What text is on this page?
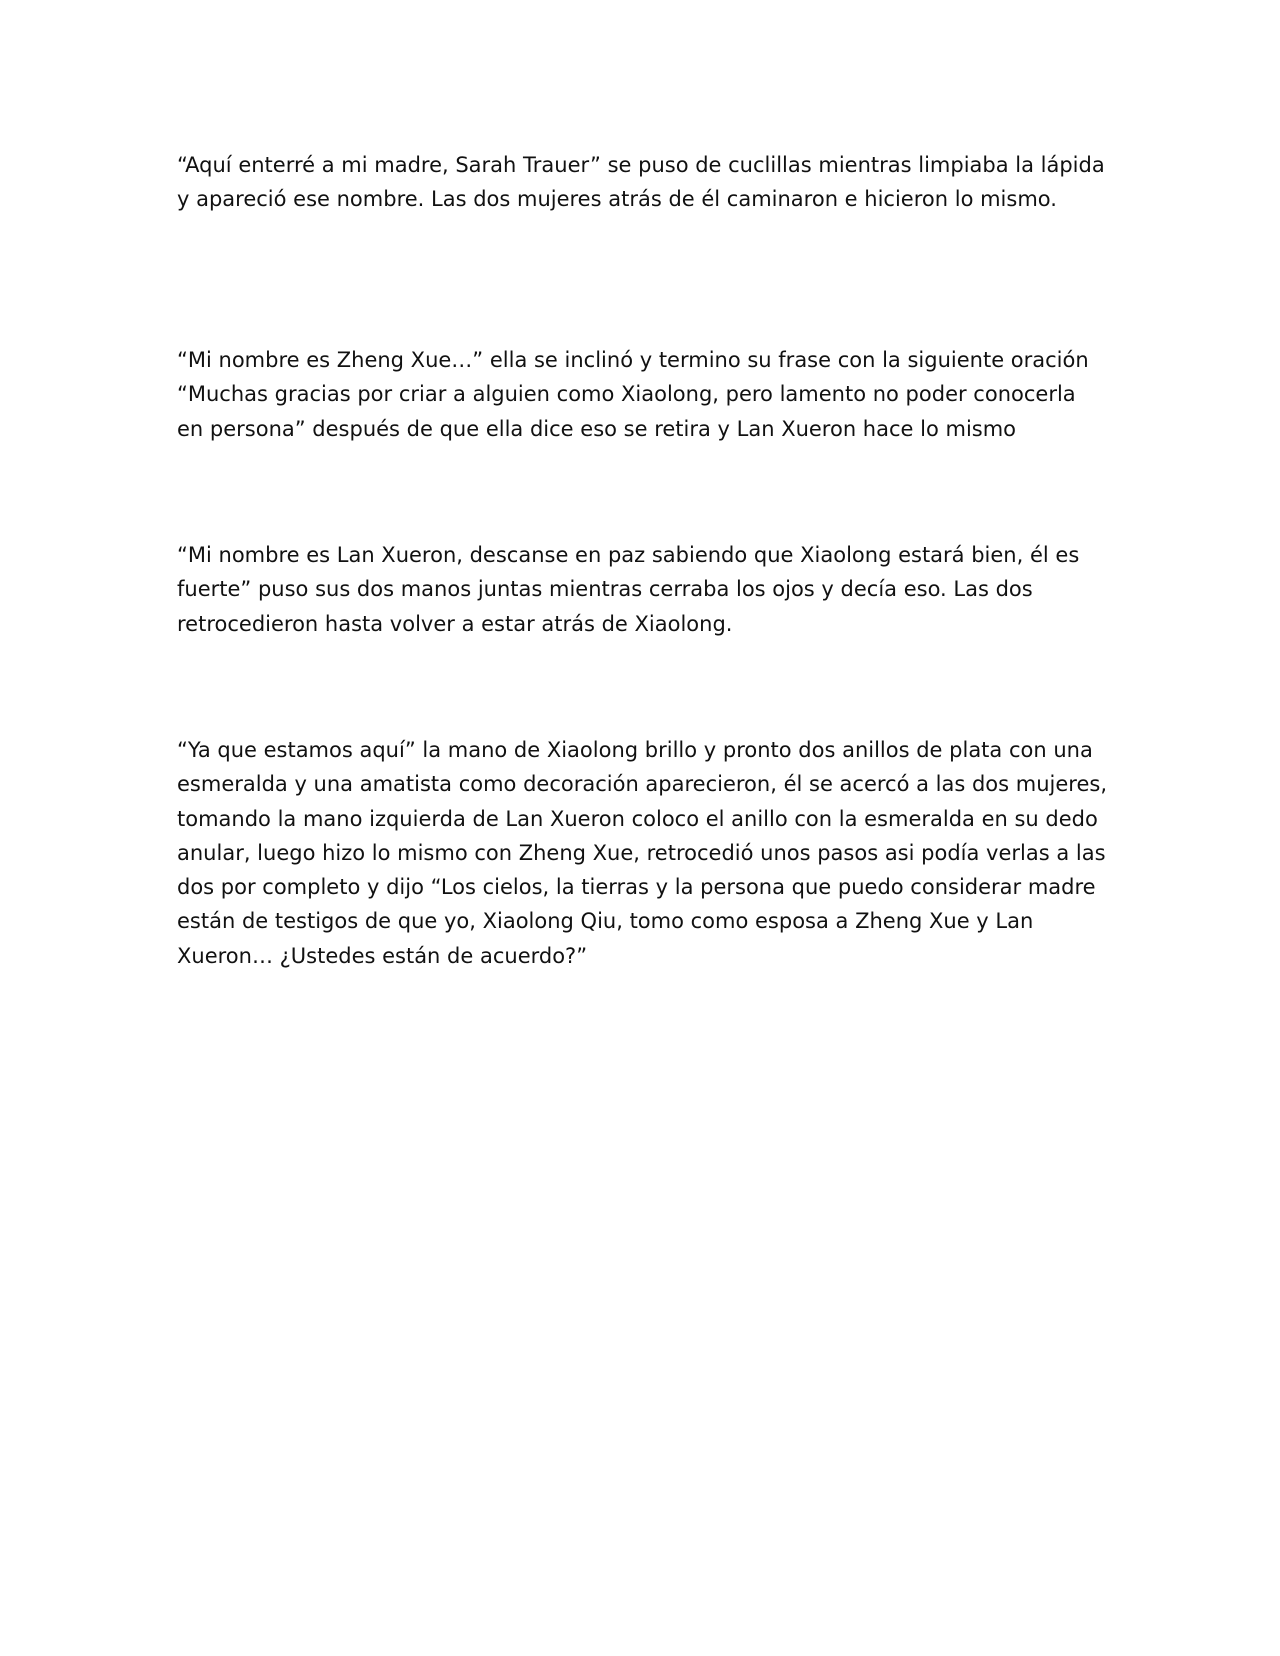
“Aquí enterré a mi madre, Sarah Trauer” se puso de cuclillas mientras limpiaba la lápida y apareció ese nombre. Las dos mujeres atrás de él caminaron e hicieron lo mismo.

“Mi nombre es Zheng Xue…” ella se inclinó y termino su frase con la siguiente oración “Muchas gracias por criar a alguien como Xiaolong, pero lamento no poder conocerla en persona” después de que ella dice eso se retira y Lan Xueron hace lo mismo

“Mi nombre es Lan Xueron, descanse en paz sabiendo que Xiaolong estará bien, él es fuerte” puso sus dos manos juntas mientras cerraba los ojos y decía eso. Las dos retrocedieron hasta volver a estar atrás de Xiaolong.

“Ya que estamos aquí” la mano de Xiaolong brillo y pronto dos anillos de plata con una esmeralda y una amatista como decoración aparecieron, él se acercó a las dos mujeres, tomando la mano izquierda de Lan Xueron coloco el anillo con la esmeralda en su dedo anular, luego hizo lo mismo con Zheng Xue, retrocedió unos pasos asi podía verlas a las dos por completo y dijo “Los cielos, la tierras y la persona que puedo considerar madre están de testigos de que yo, Xiaolong Qiu, tomo como esposa a Zheng Xue y Lan Xueron… ¿Ustedes están de acuerdo?”
